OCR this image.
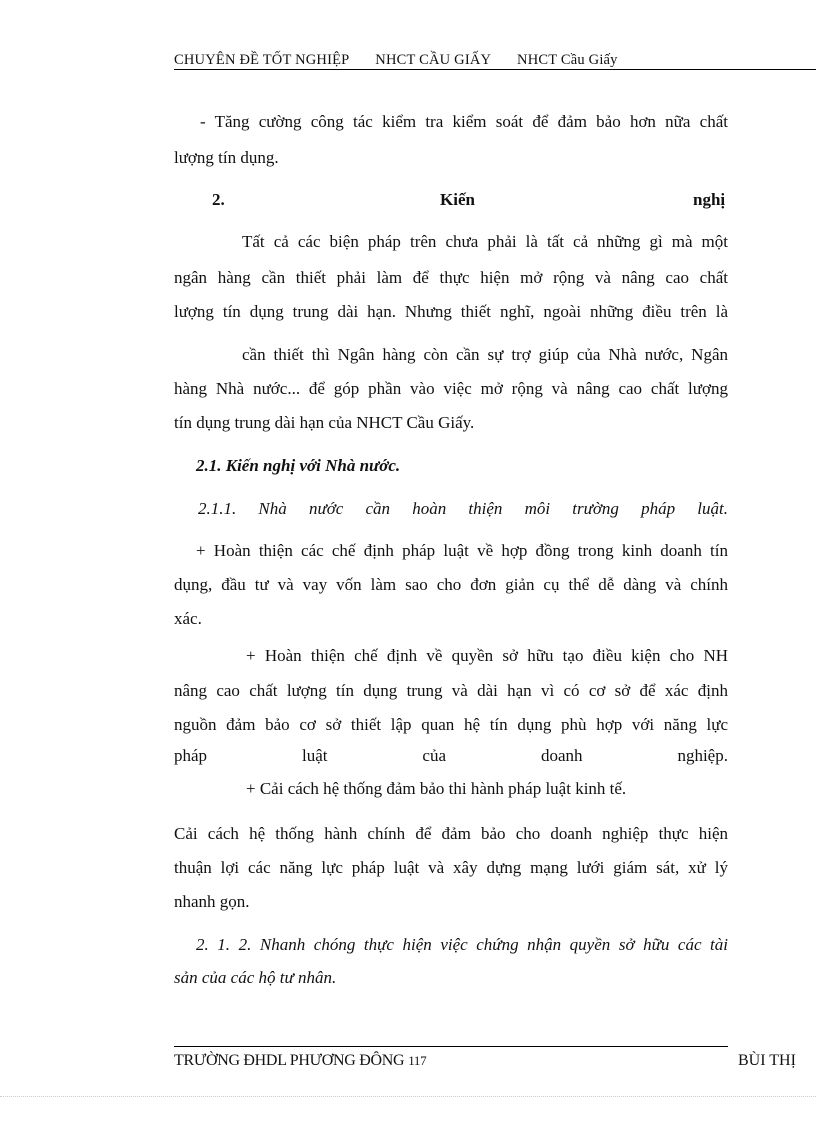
CHUYÊN ĐỀ TỐT NGHIỆP NHCT CẦU GIẤY NHCT Cầu Giấy
- Tăng cường công tác kiểm tra kiểm soát để đảm bảo hơn nữa chất
lượng tín dụng.
2.	Kiến	nghị
Tất cả các biện pháp trên chưa phải là tất cả những gì mà một
ngân hàng cần thiết phải làm để thực hiện mở rộng và nâng cao chất
lượng tín dụng trung dài hạn. Nhưng thiết nghĩ, ngoài những điều trên là
cần thiết thì Ngân hàng còn cần sự trợ giúp của Nhà nước, Ngân
hàng Nhà nước... để góp phần vào việc mở rộng và nâng cao chất lượng
tín dụng trung dài hạn của NHCT Cầu Giấy.
2.1. Kiến nghị với Nhà nước.
2.1.1. Nhà nước cần hoàn thiện môi trường pháp luật.
+ Hoàn thiện các chế định pháp luật về hợp đồng trong kinh doanh tín
dụng, đầu tư và vay vốn làm sao cho đơn giản cụ thể dễ dàng và chính
xác.
+ Hoàn thiện chế định về quyền sở hữu tạo điều kiện cho NH
nâng cao chất lượng tín dụng trung và dài hạn vì có cơ sở để xác định
nguồn đảm bảo cơ sở thiết lập quan hệ tín dụng phù hợp với năng lực
pháp	luật	của	doanh	nghiệp.
+ Cải cách hệ thống đảm bảo thi hành pháp luật kinh tế.
Cải cách hệ thống hành chính để đảm bảo cho doanh nghiệp thực hiện
thuận lợi các năng lực pháp luật và xây dựng mạng lưới giám sát, xử lý
nhanh gọn.
2. 1. 2. Nhanh chóng thực hiện việc chứng nhận quyền sở hữu các tài
sản của các hộ tư nhân.
TRƯỜNG ĐHDL PHƯƠNG ĐÔNG 117	BÙI THỊ
